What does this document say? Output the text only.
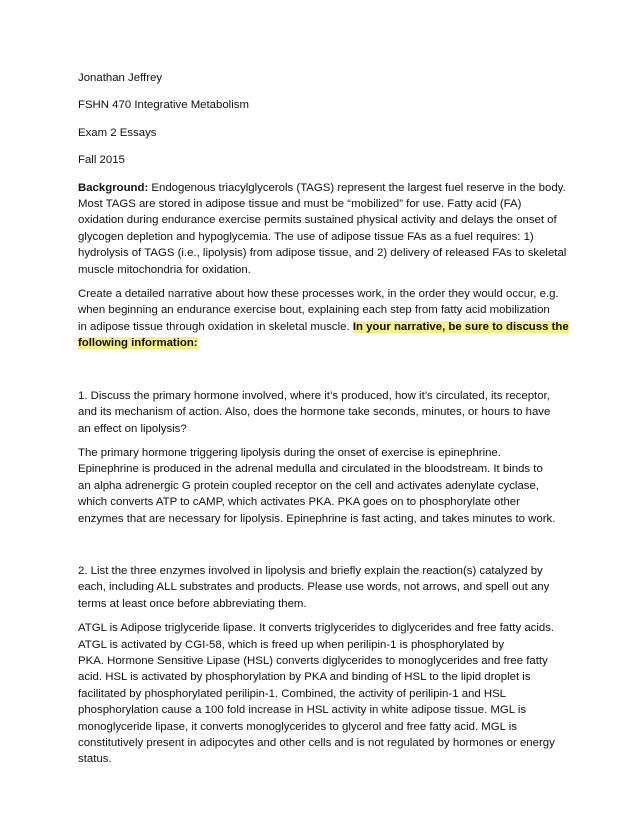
Jonathan Jeffrey

FSHN 470 Integrative Metabolism

Exam 2 Essays

Fall 2015

Background: Endogenous triacylglycerols (TAGS) represent the largest fuel reserve in the body.
Most TAGS are stored in adipose tissue and must be “mobilized” for use. Fatty acid (FA)
oxidation during endurance exercise permits sustained physical activity and delays the onset of
glycogen depletion and hypoglycemia. The use of adipose tissue FAs as a fuel requires: 1)
hydrolysis of TAGS (i.e., lipolysis) from adipose tissue, and 2) delivery of released FAs to skeletal
muscle mitochondria for oxidation.

Create a detailed narrative about how these processes work, in the order they would occur, e.g.
when beginning an endurance exercise bout, explaining each step from fatty acid mobilization
in adipose tissue through oxidation in skeletal muscle. In your narrative, be sure to discuss the
following information:

1. Discuss the primary hormone involved, where it’s produced, how it’s circulated, its receptor,
and its mechanism of action. Also, does the hormone take seconds, minutes, or hours to have
an effect on lipolysis?

The primary hormone triggering lipolysis during the onset of exercise is epinephrine.
Epinephrine is produced in the adrenal medulla and circulated in the bloodstream. It binds to
an alpha adrenergic G protein coupled receptor on the cell and activates adenylate cyclase,
which converts ATP to cAMP, which activates PKA. PKA goes on to phosphorylate other
enzymes that are necessary for lipolysis. Epinephrine is fast acting, and takes minutes to work.

2. List the three enzymes involved in lipolysis and briefly explain the reaction(s) catalyzed by
each, including ALL substrates and products. Please use words, not arrows, and spell out any
terms at least once before abbreviating them.

ATGL is Adipose triglyceride lipase. It converts triglycerides to diglycerides and free fatty acids.
ATGL is activated by CGI-58, which is freed up when perilipin-1 is phosphorylated by
PKA. Hormone Sensitive Lipase (HSL) converts diglycerides to monoglycerides and free fatty
acid. HSL is activated by phosphorylation by PKA and binding of HSL to the lipid droplet is
facilitated by phosphorylated perilipin-1. Combined, the activity of perilipin-1 and HSL
phosphorylation cause a 100 fold increase in HSL activity in white adipose tissue. MGL is
monoglyceride lipase, it converts monoglycerides to glycerol and free fatty acid. MGL is
constitutively present in adipocytes and other cells and is not regulated by hormones or energy
status.
